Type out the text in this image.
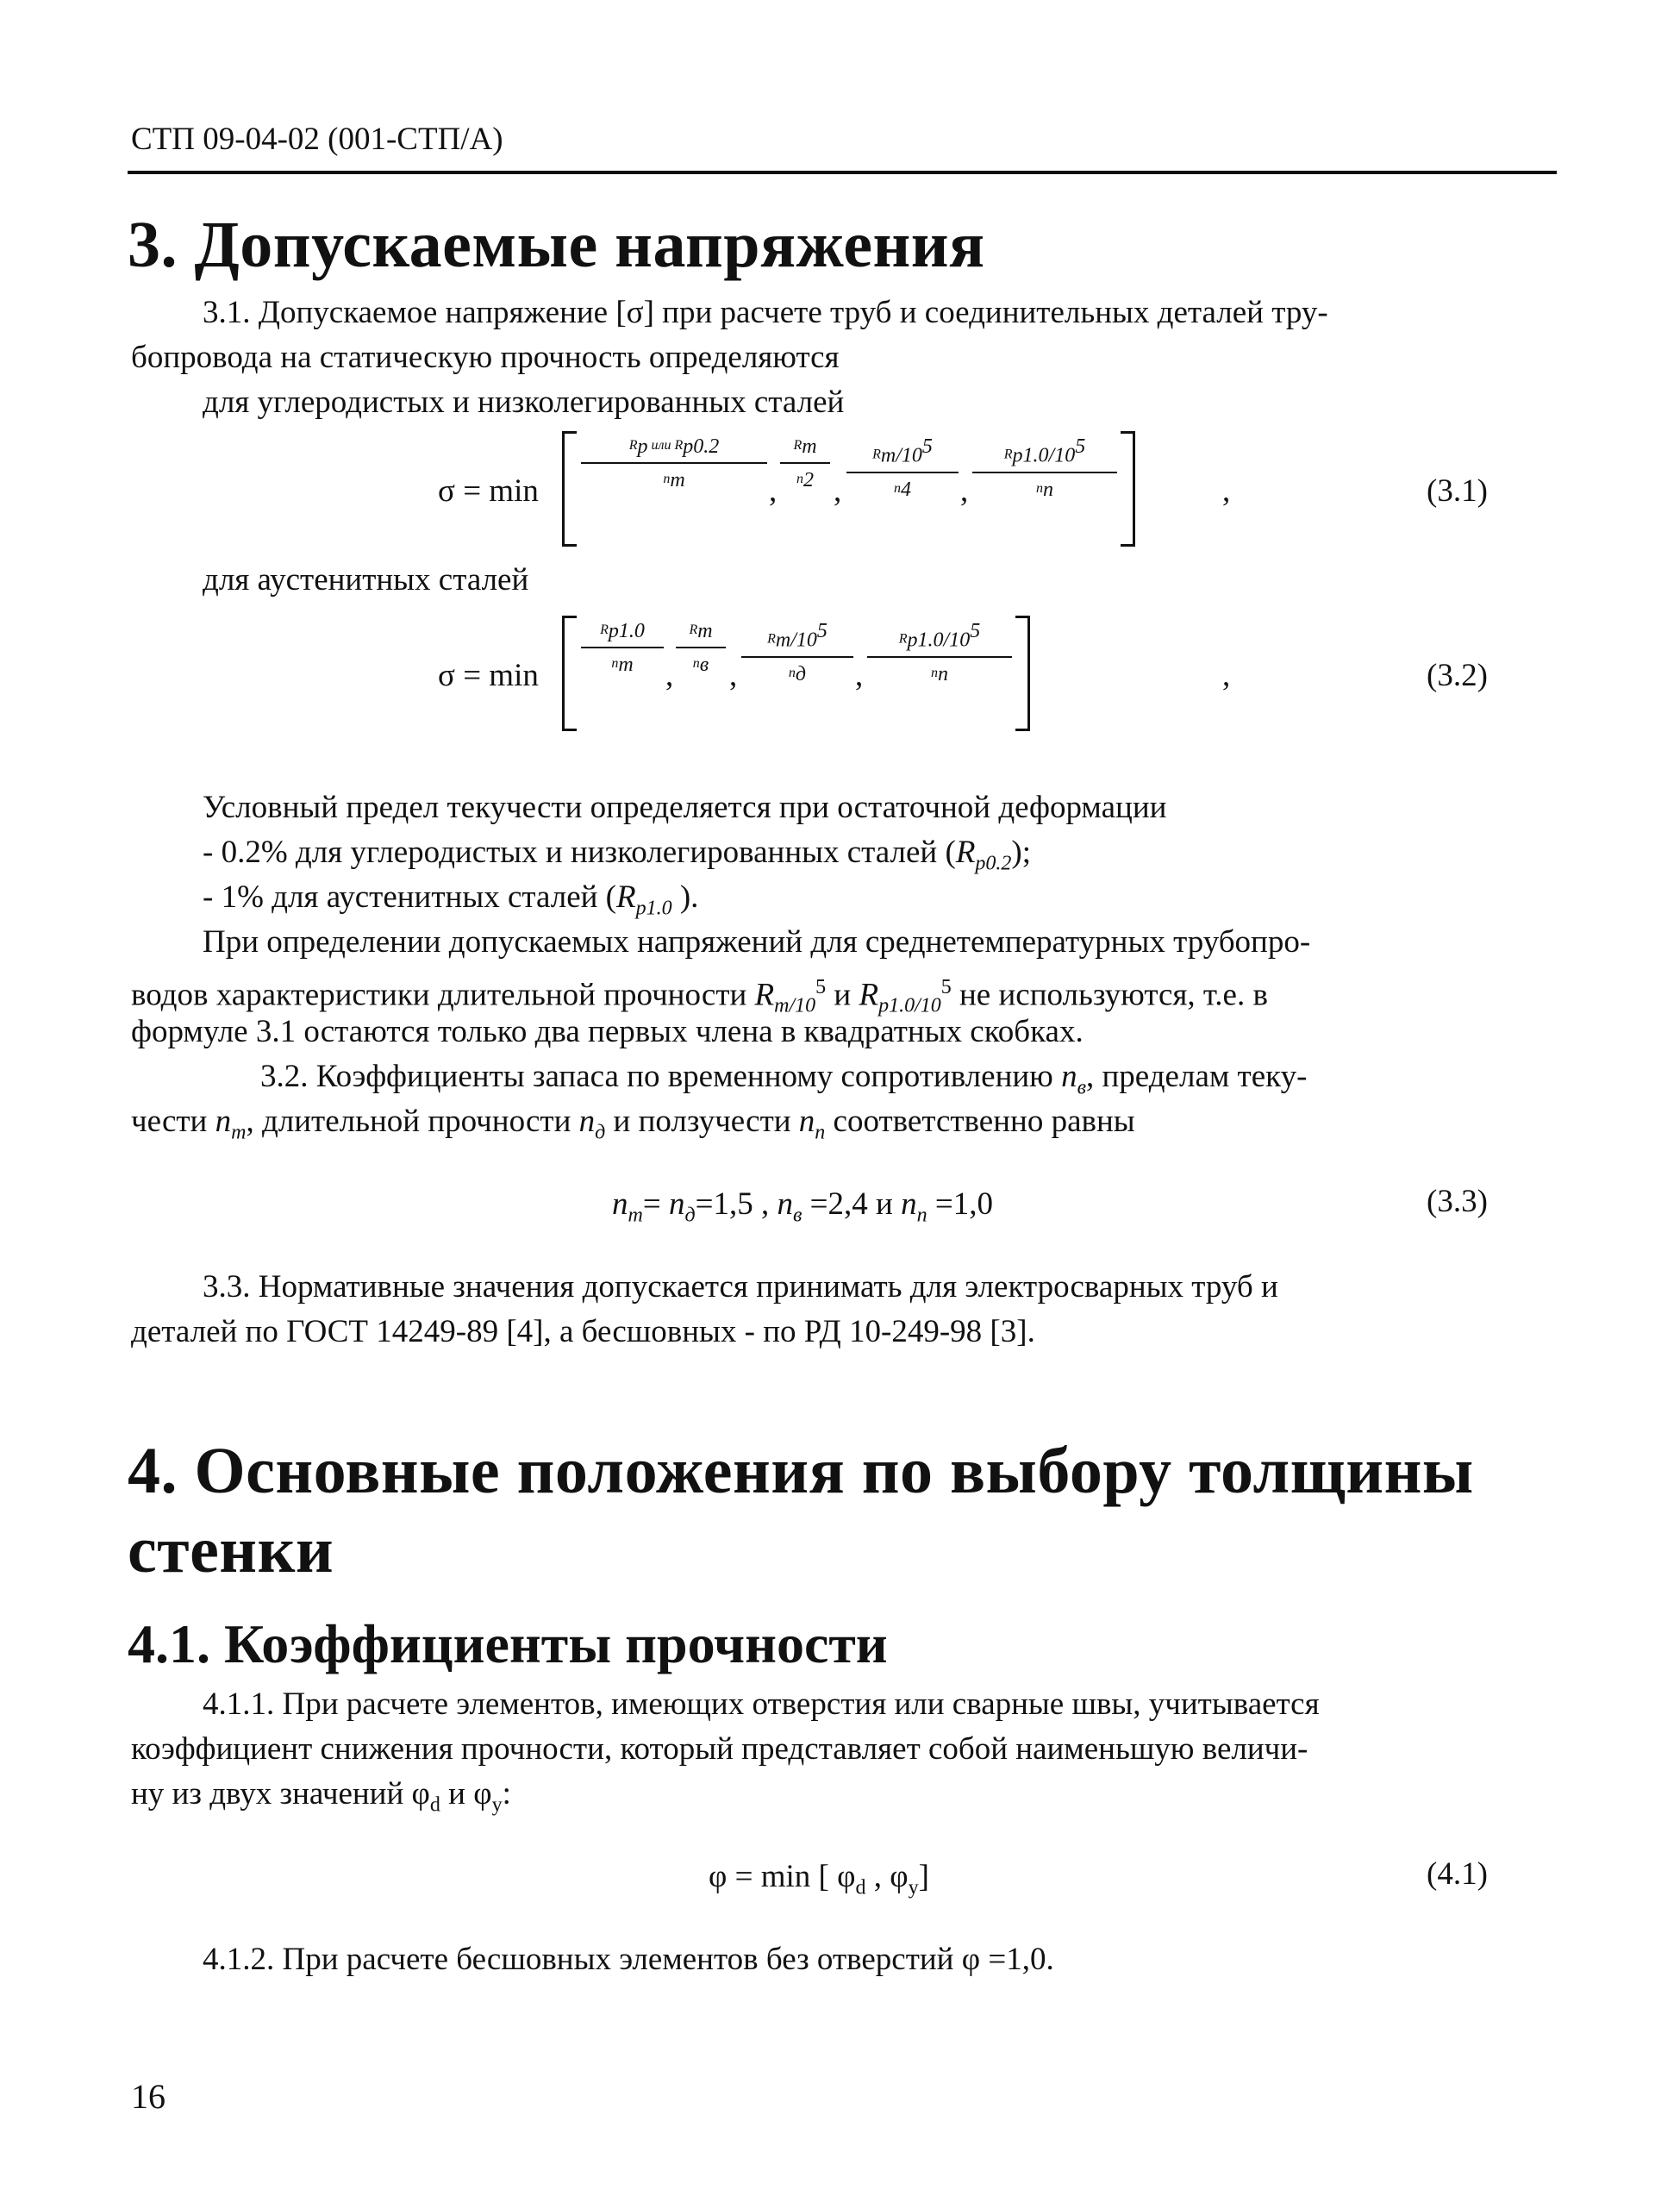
СТП 09-04-02 (001-СТП/А)
3. Допускаемые напряжения
3.1. Допускаемое напряжение [σ] при расчете труб и соединительных деталей тру-
бопровода на статическую прочность определяются
для углеродистых и низколегированных сталей
σ = min
$R_p$ или $R_{p0.2}$
$n_т$	,
$R_m$
$n_2$ ,
$R_{m/10}^5$
$n_4$	,
$R_{p1.0/10}^5$
$n_п$	,	(3.1)
для аустенитных сталей
σ = min
$R_{p1.0}$
$n_т$	,
$R_m$
$n_в$ ,
$R_{m/10}^5$
$n_д$	,
$R_{p1.0/10}^5$
$n_п$	,	(3.2)
Условный предел текучести определяется при остаточной деформации
- 0.2% для углеродистых и низколегированных сталей $(R_{p0.2})$;
- 1% для аустенитных сталей ($R_{p1.0}$ ).
При определении допускаемых напряжений для среднетемпературных трубопро-
водов характеристики длительной прочности $R_{m/10}^5$ и $R_{p1.0/10}^5$ не используются, т.е. в
формуле 3.1 остаются только два первых члена в квадратных скобках.
3.2. Коэффициенты запаса по временному сопротивлению $n_в$, пределам теку-
чести $n_т$, длительной прочности $n_д$ и ползучести $n_п$ соответственно равны
$n_т= n_д=1,5$ , $n_в =2,4$ и $n_п =1,0$	(3.3)
3.3. Нормативные значения допускается принимать для электросварных труб и
деталей по ГОСТ 14249-89 [4], а бесшовных - по РД 10-249-98 [3].
4. Основные положения по выбору толщины
стенки
4.1. Коэффициенты прочности
4.1.1. При расчете элементов, имеющих отверстия или сварные швы, учитывается
коэффициент снижения прочности, который представляет собой наименьшую величи-
ну из двух значений $\varphi_d$ и $\varphi_y$:
φ = min [ $\varphi_d$ , $\varphi_y$]	(4.1)
4.1.2. При расчете бесшовных элементов без отверстий φ =1,0.
16
